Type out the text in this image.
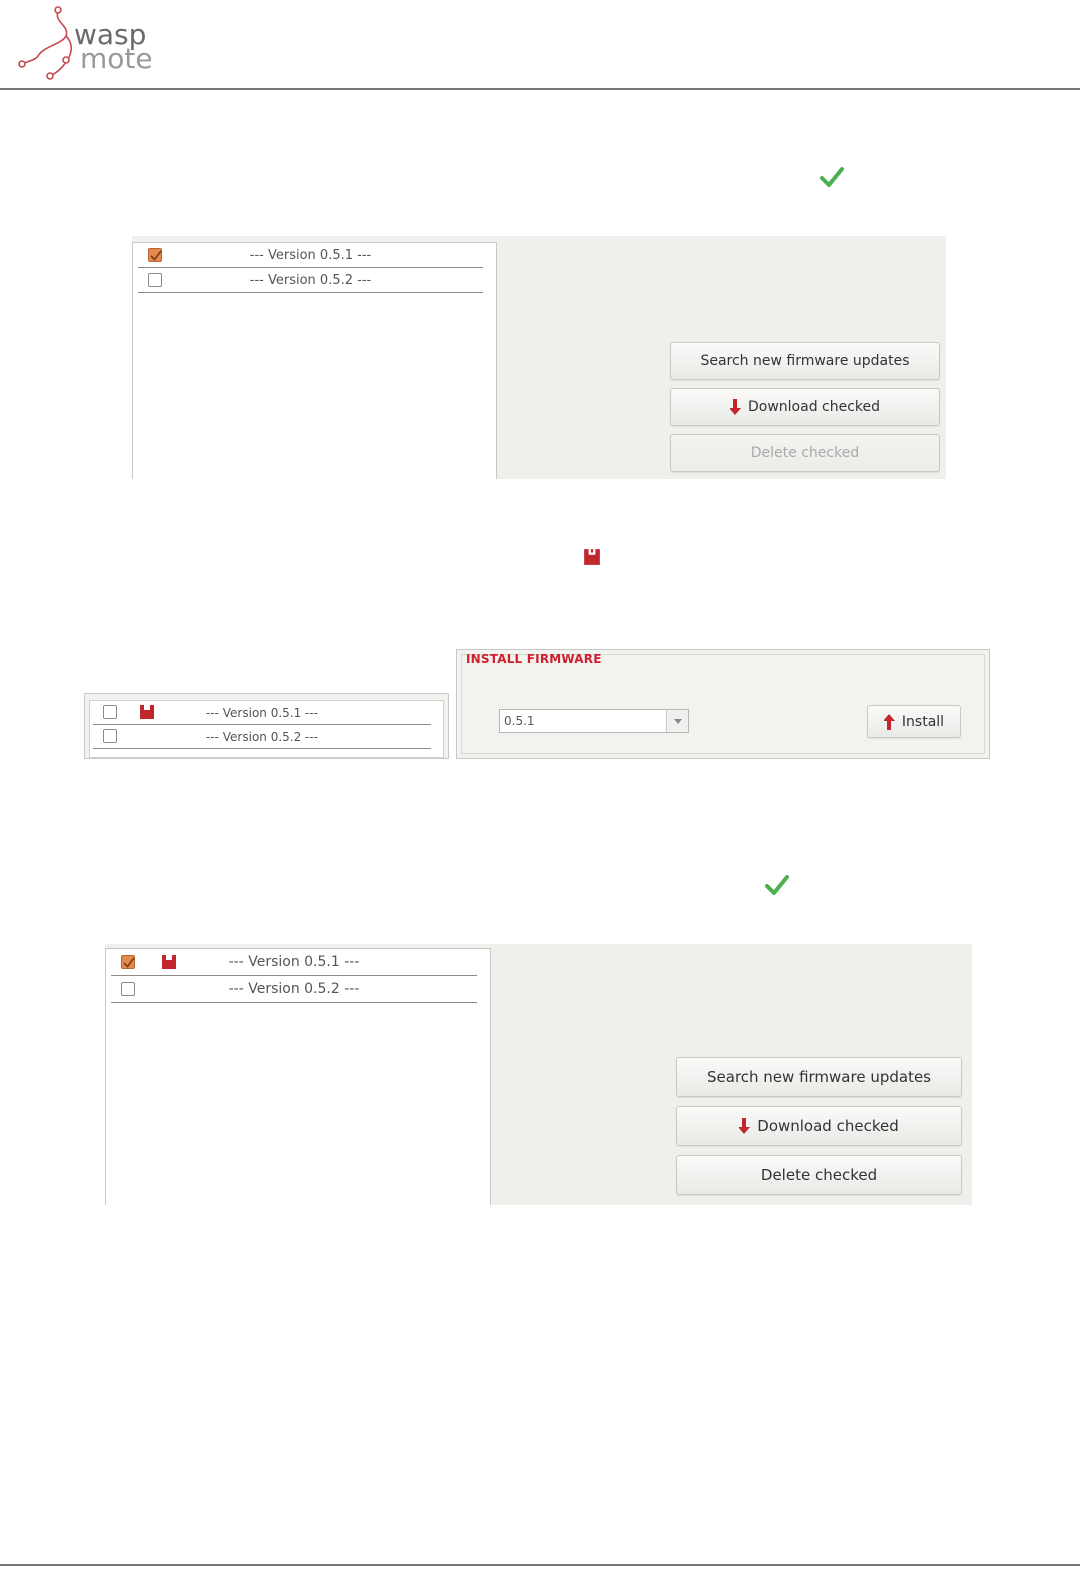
wasp
mote
--- Version 0.5.1 ---
--- Version 0.5.2 ---
Search new firmware updates
Download checked
Delete checked
--- Version 0.5.1 ---
--- Version 0.5.2 ---
INSTALL FIRMWARE
0.5.1	Install
--- Version 0.5.1 ---
--- Version 0.5.2 ---
Search new firmware updates
Download checked
Delete checked
